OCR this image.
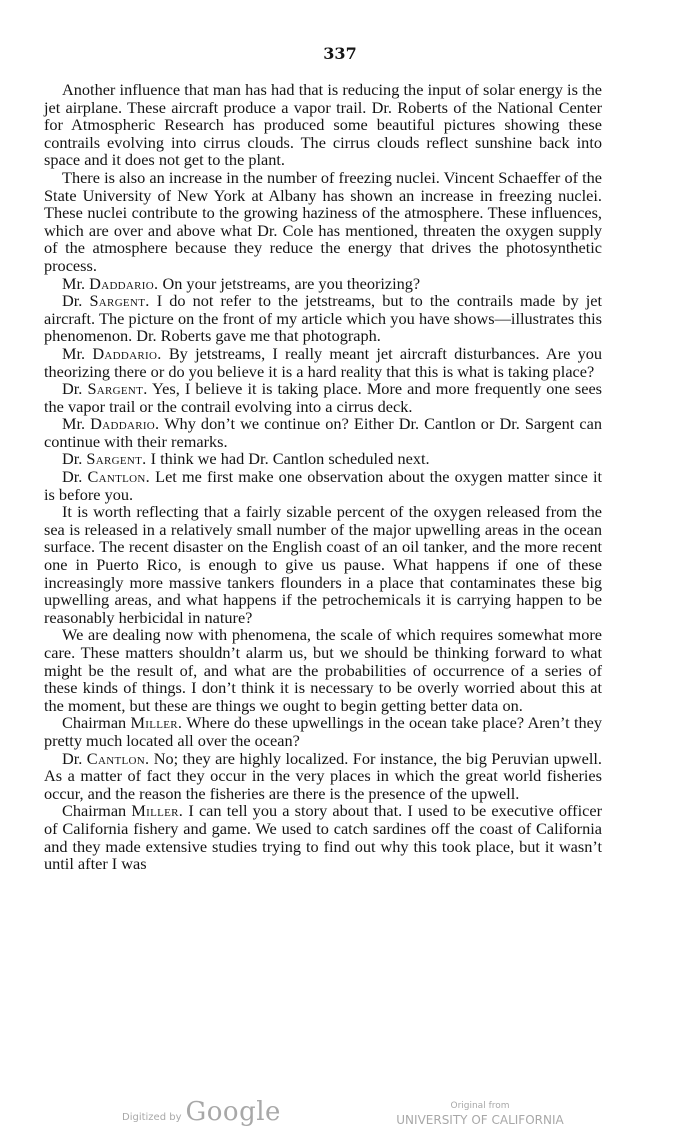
337

Another influence that man has had that is reducing the input of solar energy is the jet airplane. These aircraft produce a vapor trail. Dr. Roberts of the National Center for Atmospheric Research has produced some beautiful pictures showing these contrails evolving into cirrus clouds. The cirrus clouds reflect sunshine back into space and it does not get to the plant.

There is also an increase in the number of freezing nuclei. Vincent Schaeffer of the State University of New York at Albany has shown an increase in freezing nuclei. These nuclei contribute to the growing haziness of the atmosphere. These influences, which are over and above what Dr. Cole has mentioned, threaten the oxygen supply of the atmosphere because they reduce the energy that drives the photosynthetic process.

Mr. Daddario. On your jetstreams, are you theorizing?

Dr. Sargent. I do not refer to the jetstreams, but to the contrails made by jet aircraft. The picture on the front of my article which you have shows—illustrates this phenomenon. Dr. Roberts gave me that photograph.

Mr. Daddario. By jetstreams, I really meant jet aircraft disturbances. Are you theorizing there or do you believe it is a hard reality that this is what is taking place?

Dr. Sargent. Yes, I believe it is taking place. More and more frequently one sees the vapor trail or the contrail evolving into a cirrus deck.

Mr. Daddario. Why don’t we continue on? Either Dr. Cantlon or Dr. Sargent can continue with their remarks.

Dr. Sargent. I think we had Dr. Cantlon scheduled next.

Dr. Cantlon. Let me first make one observation about the oxygen matter since it is before you.

It is worth reflecting that a fairly sizable percent of the oxygen released from the sea is released in a relatively small number of the major upwelling areas in the ocean surface. The recent disaster on the English coast of an oil tanker, and the more recent one in Puerto Rico, is enough to give us pause. What happens if one of these increasingly more massive tankers flounders in a place that contaminates these big upwelling areas, and what happens if the petrochemicals it is carrying happen to be reasonably herbicidal in nature?

We are dealing now with phenomena, the scale of which requires somewhat more care. These matters shouldn’t alarm us, but we should be thinking forward to what might be the result of, and what are the probabilities of occurrence of a series of these kinds of things. I don’t think it is necessary to be overly worried about this at the moment, but these are things we ought to begin getting better data on.

Chairman Miller. Where do these upwellings in the ocean take place? Aren’t they pretty much located all over the ocean?

Dr. Cantlon. No; they are highly localized. For instance, the big Peruvian upwell. As a matter of fact they occur in the very places in which the great world fisheries occur, and the reason the fisheries are there is the presence of the upwell.

Chairman Miller. I can tell you a story about that. I used to be executive officer of California fishery and game. We used to catch sardines off the coast of California and they made extensive studies trying to find out why this took place, but it wasn’t until after I was

Digitized by Google	Original from
UNIVERSITY OF CALIFORNIA
